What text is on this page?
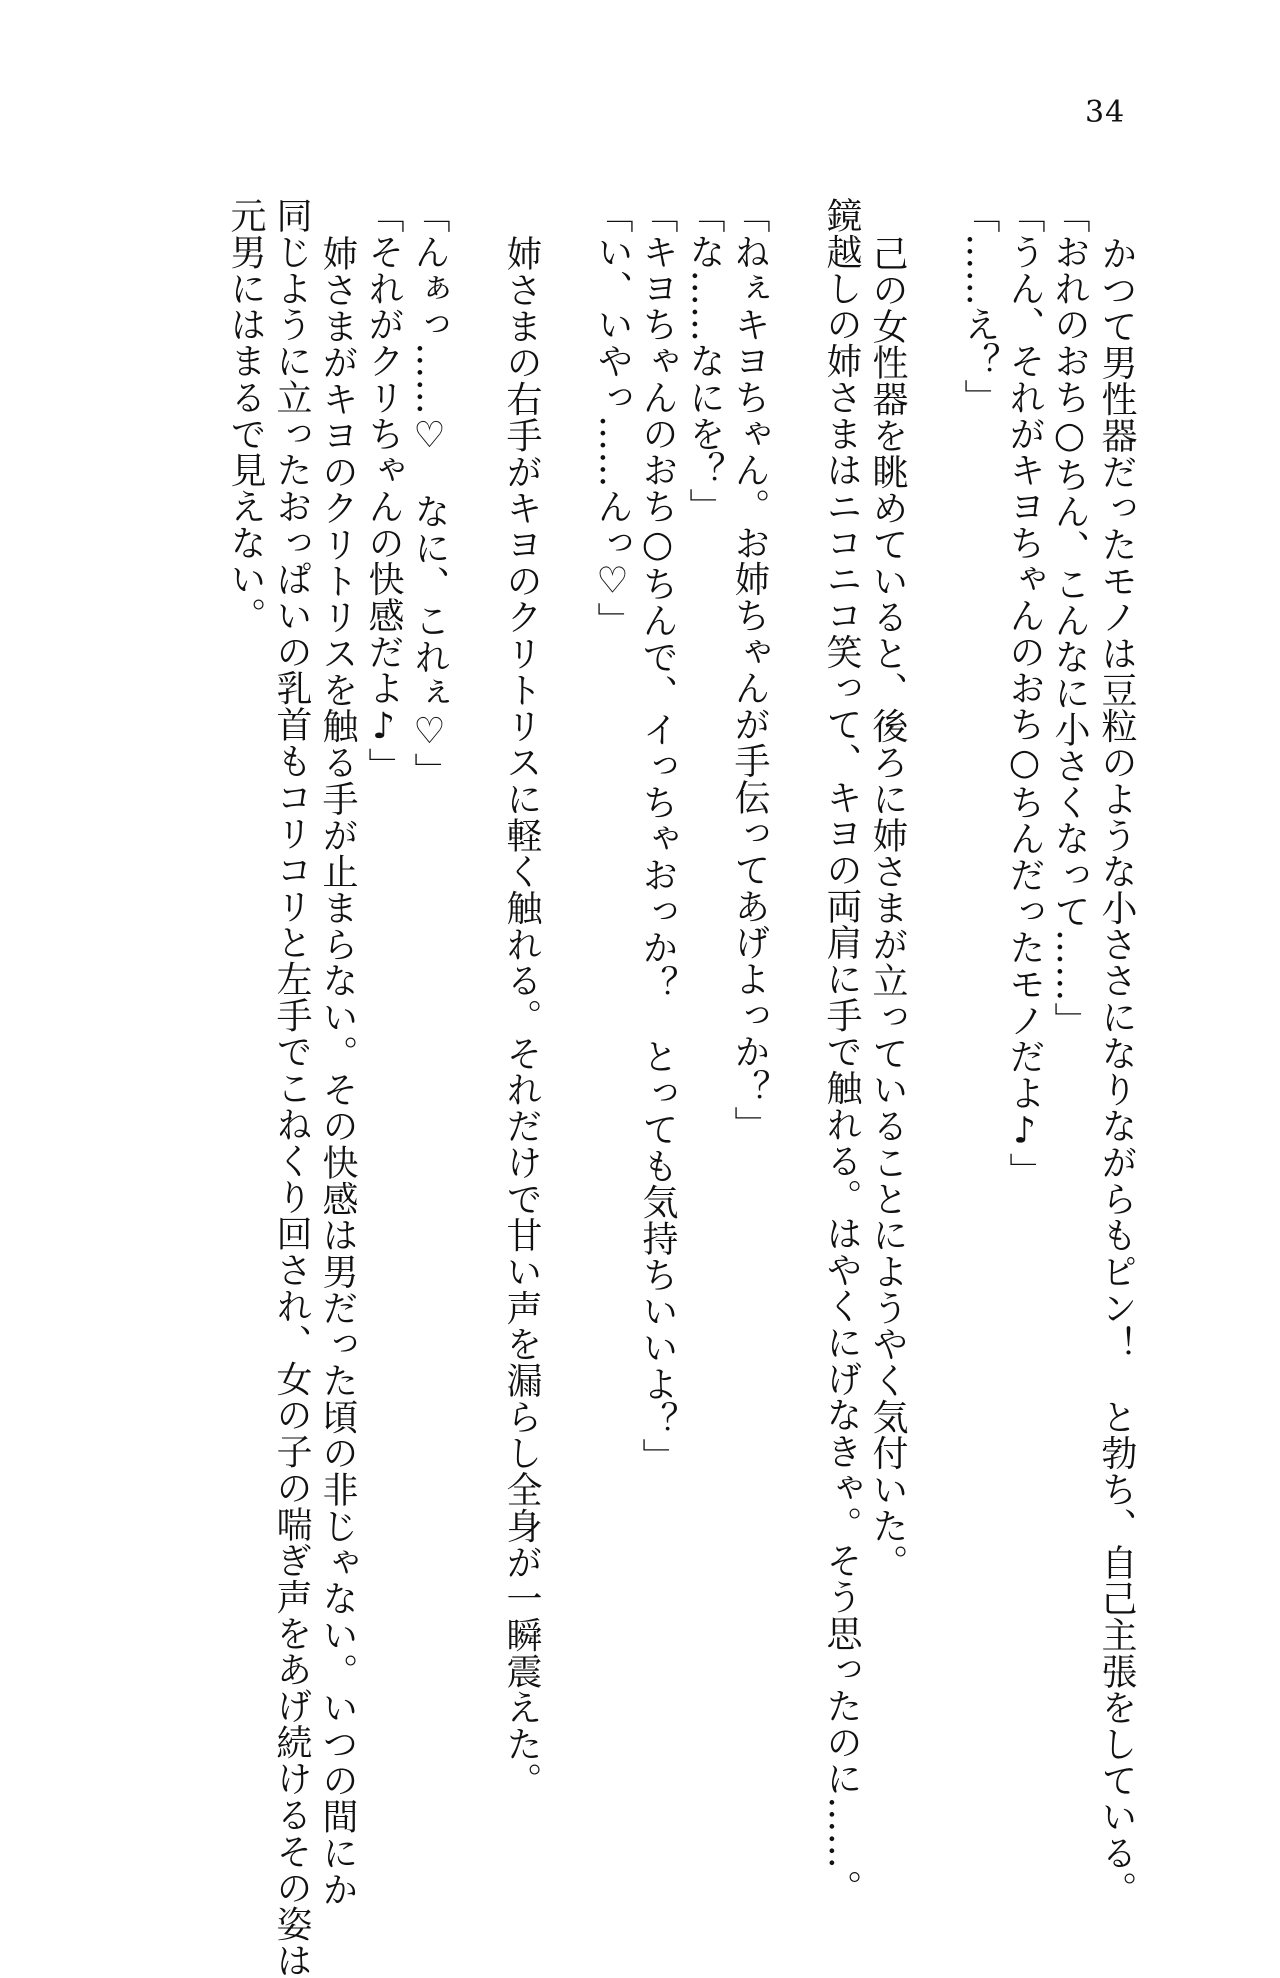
34
かつて男性器だったモノは豆粒のような小ささになりながらもピン！　と勃ち、自己主張をしている。
「おれのおち○ちん、こんなに小さくなって……」
「うん、それがキヨちゃんのおち○ちんだったモノだよ♪」
「……え？」
己の女性器を眺めていると、後ろに姉さまが立っていることにようやく気付いた。
鏡越しの姉さまはニコニコ笑って、キヨの両肩に手で触れる。はやくにげなきゃ。そう思ったのに……。
「ねぇキヨちゃん。お姉ちゃんが手伝ってあげよっか？」
「な……なにを？」
「キヨちゃんのおち○ちんで、イっちゃおっか？　とっても気持ちいいよ？」
「い、いやっ……んっ♡」
姉さまの右手がキヨのクリトリスに軽く触れる。それだけで甘い声を漏らし全身が一瞬震えた。
「んぁっ……♡　なに、これぇ♡」
「それがクリちゃんの快感だよ♪」
姉さまがキヨのクリトリスを触る手が止まらない。その快感は男だった頃の非じゃない。いつの間にか
同じように立ったおっぱいの乳首もコリコリと左手でこねくり回され、女の子の喘ぎ声をあげ続けるその姿は
元男にはまるで見えない。
